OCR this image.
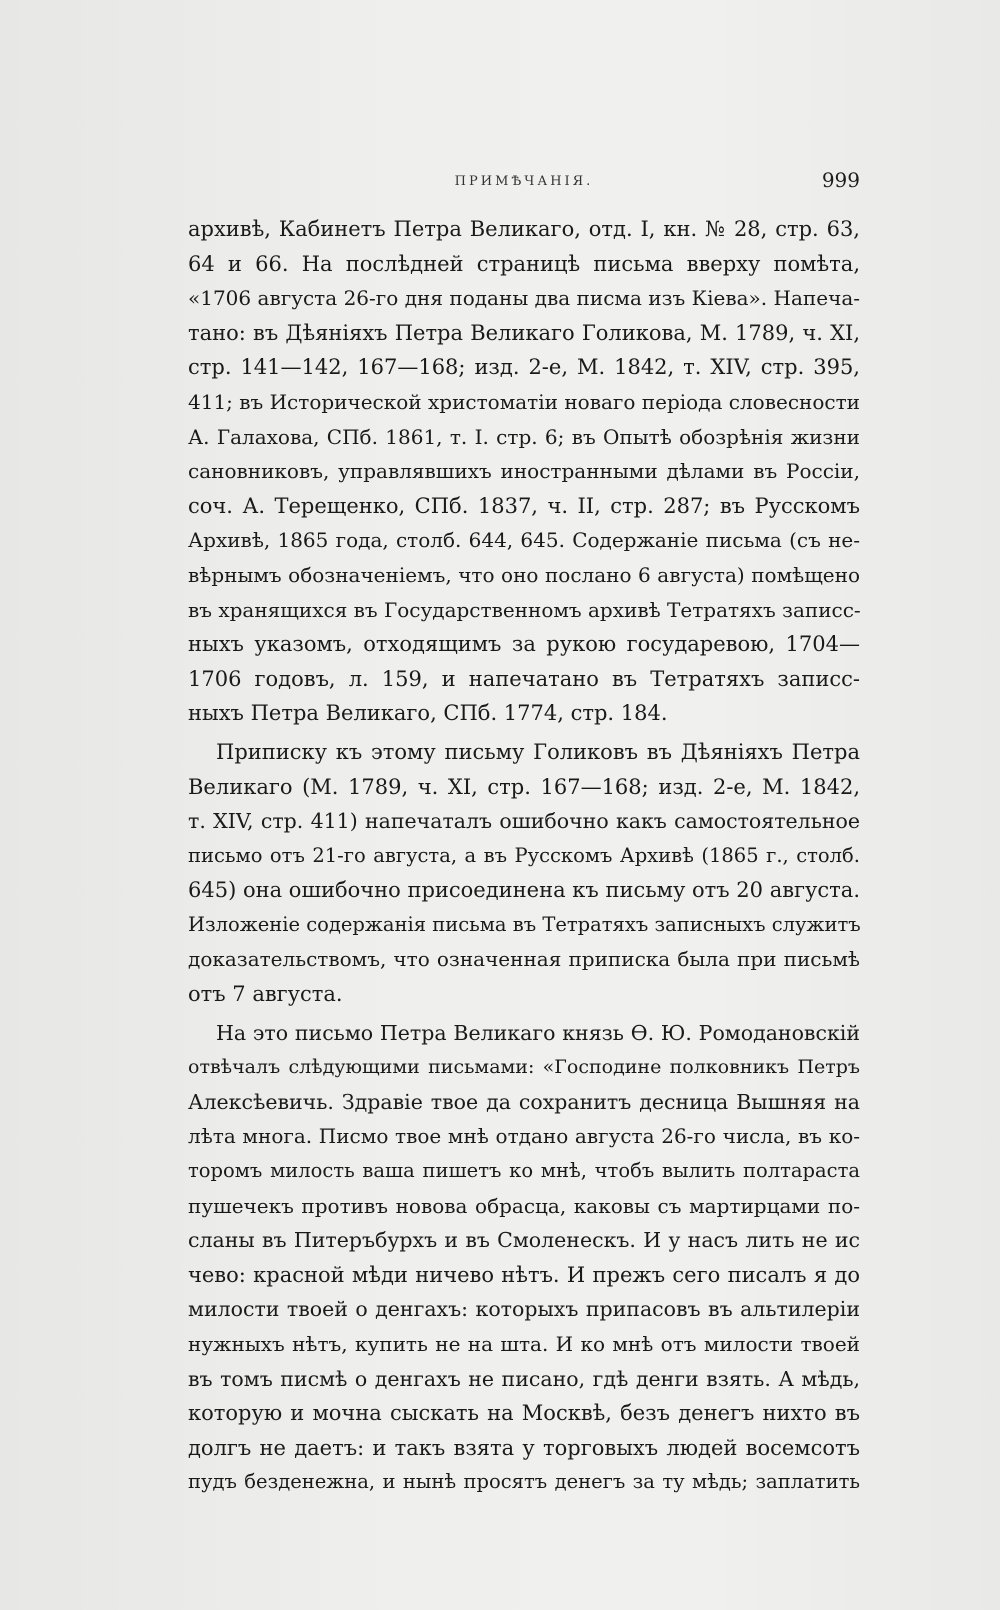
ПРИМѢЧАНІЯ.	999
архивѣ, Кабинетъ Петра Великаго, отд. I, кн. № 28, стр. 63,
64 и 66. На послѣдней страницѣ письма вверху помѣта,
«1706 августа 26-го дня поданы два писма изъ Кіева». Напеча-
тано: въ Дѣяніяхъ Петра Великаго Голикова, М. 1789, ч. XI,
стр. 141—142, 167—168; изд. 2-е, М. 1842, т. XIV, стр. 395,
411; въ Исторической христоматіи новаго періода словесности
А. Галахова, СПб. 1861, т. I. стр. 6; въ Опытѣ обозрѣнія жизни
сановниковъ, управлявшихъ иностранными дѣлами въ Россіи,
соч. А. Терещенко, СПб. 1837, ч. II, стр. 287; въ Русскомъ
Архивѣ, 1865 года, столб. 644, 645. Содержаніе письма (съ не-
вѣрнымъ обозначеніемъ, что оно послано 6 августа) помѣщено
въ хранящихся въ Государственномъ архивѣ Тетратяхъ записс-
ныхъ указомъ, отходящимъ за рукою государевою, 1704—
1706 годовъ, л. 159, и напечатано въ Тетратяхъ записс-
ныхъ Петра Великаго, СПб. 1774, стр. 184.
Приписку къ этому письму Голиковъ въ Дѣяніяхъ Петра
Великаго (М. 1789, ч. XI, стр. 167—168; изд. 2-е, М. 1842,
т. XIV, стр. 411) напечаталъ ошибочно какъ самостоятельное
письмо отъ 21-го августа, а въ Русскомъ Архивѣ (1865 г., столб.
645) она ошибочно присоединена къ письму отъ 20 августа.
Изложеніе содержанія письма въ Тетратяхъ записныхъ служитъ
доказательствомъ, что означенная приписка была при письмѣ
отъ 7 августа.
На это письмо Петра Великаго князь Ѳ. Ю. Ромодановскій
отвѣчалъ слѣдующими письмами: «Господине полковникъ Петръ
Алексѣевичь. Здравіе твое да сохранитъ десница Вышняя на
лѣта многа. Писмо твое мнѣ отдано августа 26-го числа, въ ко-
торомъ милость ваша пишетъ ко мнѣ, чтобъ вылить полтараста
пушечекъ противъ новова обрасца, каковы съ мартирцами по-
сланы въ Питеръбурхъ и въ Смоленескъ. И у насъ лить не ис
чево: красной мѣди ничево нѣтъ. И прежъ сего писалъ я до
милости твоей о денгахъ: которыхъ припасовъ въ альтилеріи
нужныхъ нѣтъ, купить не на шта. И ко мнѣ отъ милости твоей
въ томъ писмѣ о денгахъ не писано, гдѣ денги взять. А мѣдь,
которую и мочна сыскать на Москвѣ, безъ денегъ нихто въ
долгъ не даетъ: и такъ взята у торговыхъ людей восемсотъ
пудъ безденежна, и нынѣ просятъ денегъ за ту мѣдь; заплатить
